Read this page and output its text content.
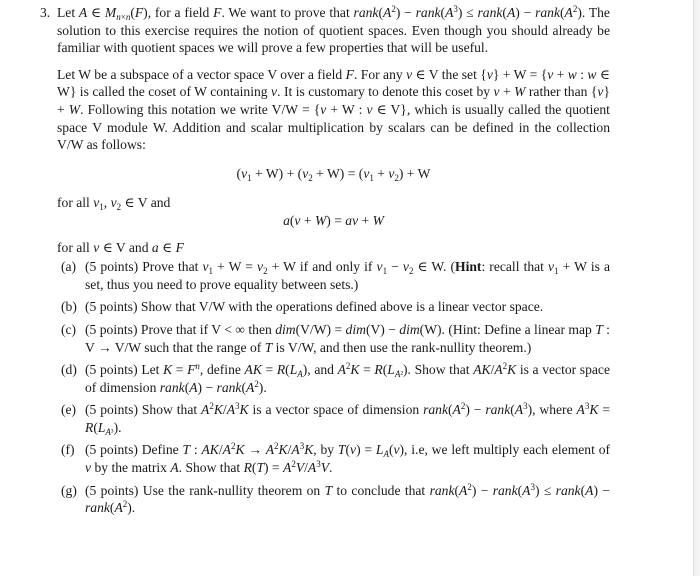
3. Let A ∈ $M_{n\times n}(F)$, for a field F. We want to prove that $rank(A^2)$ − $rank(A^3)$ ≤ rank(A) − $rank(A^2)$. The solution to this exercise requires the notion of quotient spaces. Even though you should already be familiar with quotient spaces we will prove a few properties that will be useful.

Let W be a subspace of a vector space V over a field F. For any v ∈ V the set {v} + W = {v + w : w ∈ W} is called the coset of W containing v. It is customary to denote this coset by v + W rather than {v} + W. Following this notation we write V/W = {v + W : v ∈ V}, which is usually called the quotient space V module W. Addition and scalar multiplication by scalars can be defined in the collection V/W as follows:

$(v_1 + W) + (v_2 + W) = (v_1 + v_2) + W$

for all $v_1$, $v_2$ ∈ V and

a(v + W) = av + W

for all v ∈ V and a ∈ F

(a) (5 points) Prove that $v_1 + W = v_2 + W$ if and only if $v_1 - v_2$ ∈ W. (Hint: recall that $v_1 + W$ is a set, thus you need to prove equality between sets.)
(b) (5 points) Show that V/W with the operations defined above is a linear vector space.
(c) (5 points) Prove that if V < ∞ then dim(V/W) = dim(V) − dim(W). (Hint: Define a linear map T : V → V/W such that the range of T is V/W, and then use the rank-nullity theorem.)
(d) (5 points) Let $K = F^n$, define AK = $R(L_A)$, and $A^2K = R(L_{A^2})$. Show that $AK/A^2K$ is a vector space of dimension rank(A) − $rank(A^2)$.
(e) (5 points) Show that $A^2K/A^3K$ is a vector space of dimension $rank(A^2)$ − $rank(A^3)$, where $A^3K = R(L_{A^3})$.
(f) (5 points) Define T : $AK/A^2K \to A^2K/A^3K$, by $T(v) = L_A(v)$, i.e, we left multiply each element of v by the matrix A. Show that $R(T) = A^2V/A^3V$.
(g) (5 points) Use the rank-nullity theorem on T to conclude that $rank(A^2)$ − $rank(A^3)$ ≤ rank(A) − $rank(A^2)$.
